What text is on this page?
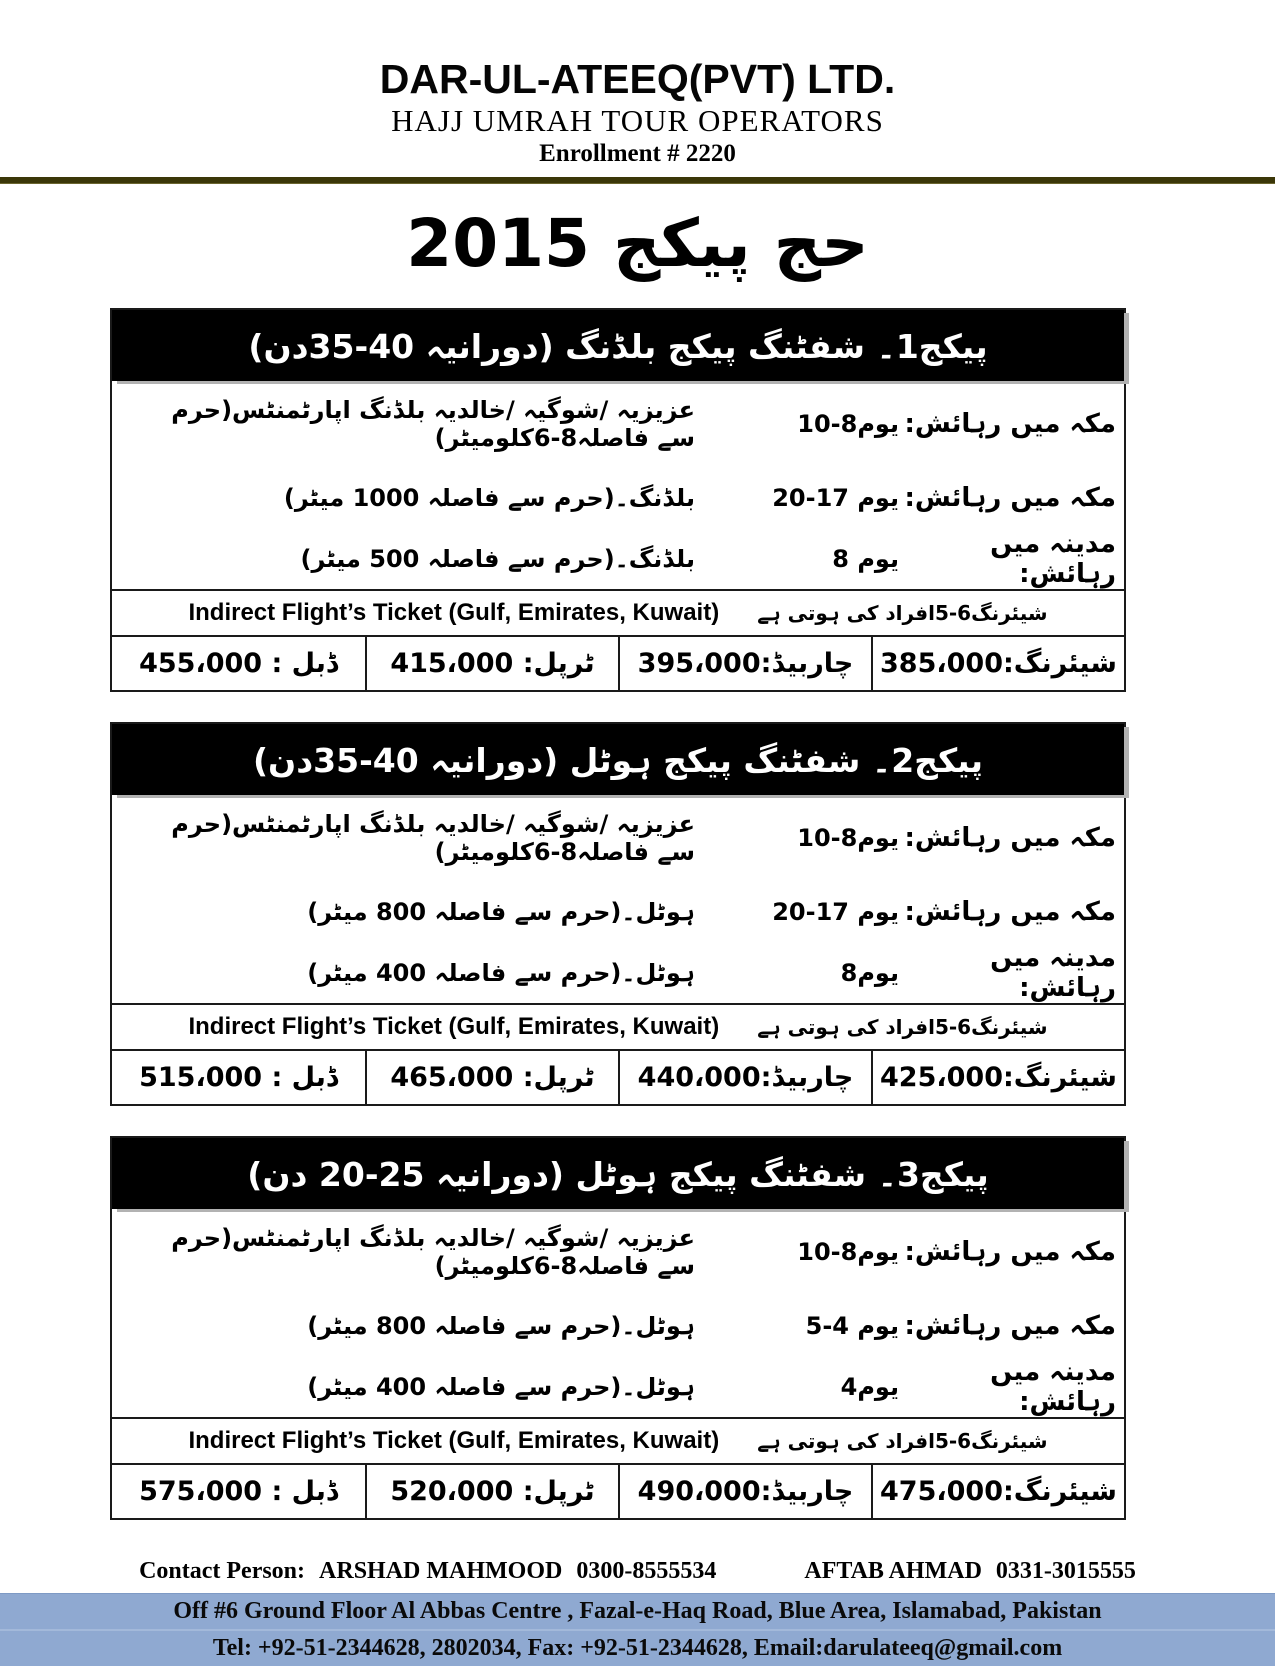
DAR-UL-ATEEQ(PVT) LTD.
HAJJ UMRAH TOUR OPERATORS
Enrollment # 2220
حج پیکج 2015
پیکج1۔ شفٹنگ پیکج بلڈنگ (دورانیہ 40-35دن)
مکہ میں رہائش:
10-8یوم
عزیزیہ /شوگیہ /خالدیہ بلڈنگ اپارٹمنٹس(حرم سے فاصلہ8-6کلومیٹر)
مکہ میں رہائش:
20-17 یوم
بلڈنگ۔(حرم سے فاصلہ 1000 میٹر)
مدینہ میں رہائش:
8 یوم
بلڈنگ۔(حرم سے فاصلہ 500 میٹر)
Indirect Flight’s Ticket (Gulf, Emirates, Kuwait) شیئرنگ6-5افراد کی ہوتی ہے
شیئرنگ:385،000
چاربیڈ:395،000
ٹرپل: 415،000
ڈبل : 455،000
پیکج2۔ شفٹنگ پیکج ہوٹل (دورانیہ 40-35دن)
مکہ میں رہائش:
10-8یوم
عزیزیہ /شوگیہ /خالدیہ بلڈنگ اپارٹمنٹس(حرم سے فاصلہ8-6کلومیٹر)
مکہ میں رہائش:
20-17 یوم
ہوٹل۔(حرم سے فاصلہ 800 میٹر)
مدینہ میں رہائش:
8یوم
ہوٹل۔(حرم سے فاصلہ 400 میٹر)
Indirect Flight’s Ticket (Gulf, Emirates, Kuwait) شیئرنگ6-5افراد کی ہوتی ہے
شیئرنگ:425،000
چاربیڈ:440،000
ٹرپل: 465،000
ڈبل : 515،000
پیکج3۔ شفٹنگ پیکج ہوٹل (دورانیہ 25-20 دن)
مکہ میں رہائش:
10-8یوم
عزیزیہ /شوگیہ /خالدیہ بلڈنگ اپارٹمنٹس(حرم سے فاصلہ8-6کلومیٹر)
مکہ میں رہائش:
5-4 یوم
ہوٹل۔(حرم سے فاصلہ 800 میٹر)
مدینہ میں رہائش:
4یوم
ہوٹل۔(حرم سے فاصلہ 400 میٹر)
Indirect Flight’s Ticket (Gulf, Emirates, Kuwait) شیئرنگ6-5افراد کی ہوتی ہے
شیئرنگ:475،000
چاربیڈ:490،000
ٹرپل: 520،000
ڈبل : 575،000
Contact Person: ARSHAD MAHMOOD 0300-8555534	AFTAB AHMAD 0331-3015555
Off #6 Ground Floor Al Abbas Centre , Fazal-e-Haq Road, Blue Area, Islamabad, Pakistan
Tel: +92-51-2344628, 2802034, Fax: +92-51-2344628, Email:darulateeq@gmail.com
